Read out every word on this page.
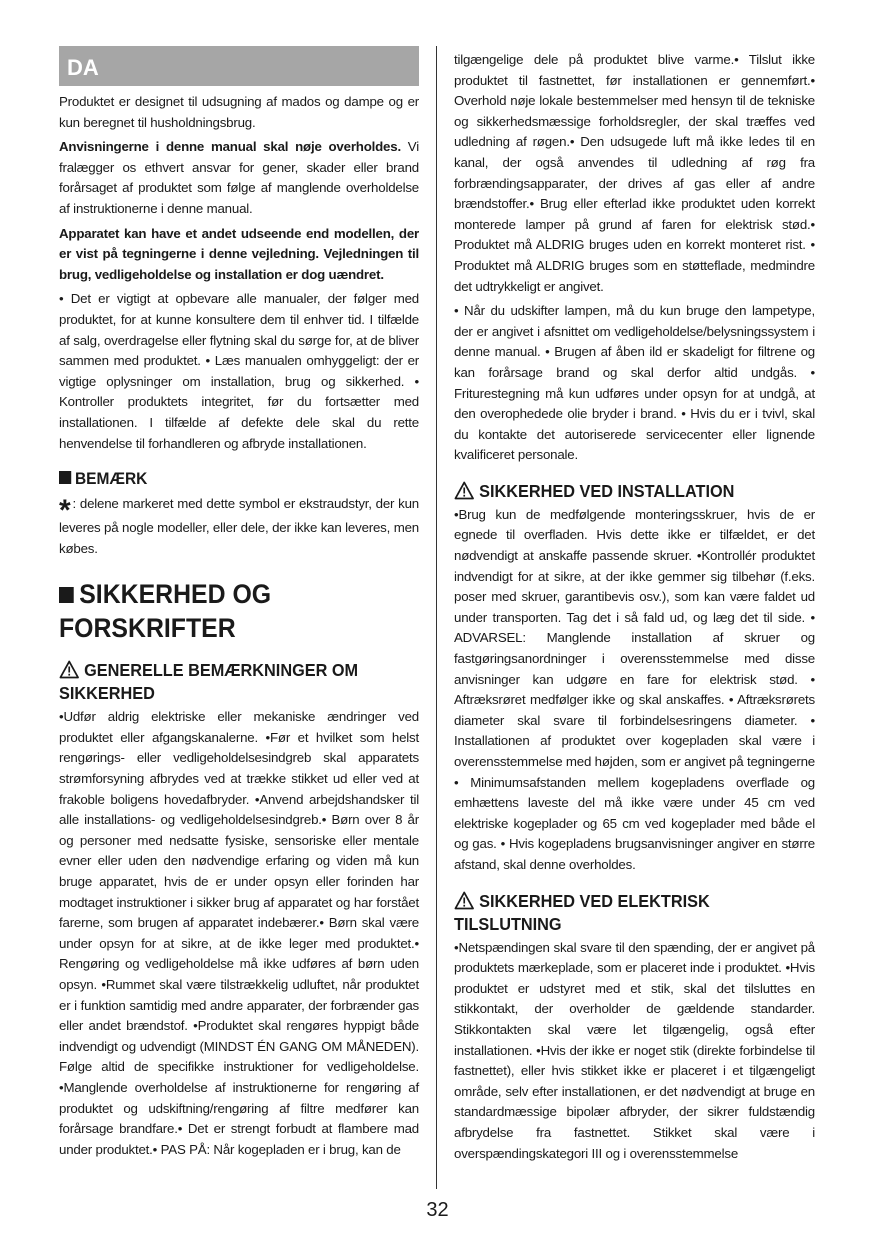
DA

Produktet er designet til udsugning af mados og dampe og er kun beregnet til husholdningsbrug.

Anvisningerne i denne manual skal nøje overholdes. Vi fralægger os ethvert ansvar for gener, skader eller brand forårsaget af produktet som følge af manglende overholdelse af instruktionerne i denne manual.

Apparatet kan have et andet udseende end modellen, der er vist på tegningerne i denne vejledning. Vejledningen til brug, vedligeholdelse og installation er dog uændret.

• Det er vigtigt at opbevare alle manualer, der følger med produktet, for at kunne konsultere dem til enhver tid. I tilfælde af salg, overdragelse eller flytning skal du sørge for, at de bliver sammen med produktet. • Læs manualen omhyggeligt: der er vigtige oplysninger om installation, brug og sikkerhed. • Kontroller produktets integritet, før du fortsætter med installationen. I tilfælde af defekte dele skal du rette henvendelse til forhandleren og afbryde installationen.

BEMÆRK

* : delene markeret med dette symbol er ekstraudstyr, der kun leveres på nogle modeller, eller dele, der ikke kan leveres, men købes.

SIKKERHED OG FORSKRIFTER
GENERELLE BEMÆRKNINGER OM SIKKERHED

•Udfør aldrig elektriske eller mekaniske ændringer ved produktet eller afgangskanalerne. •Før et hvilket som helst rengørings- eller vedligeholdelsesindgreb skal apparatets strømforsyning afbrydes ved at trække stikket ud eller ved at frakoble boligens hovedafbryder. •Anvend arbejdshandsker til alle installations- og vedligeholdelsesindgreb.• Børn over 8 år og personer med nedsatte fysiske, sensoriske eller mentale evner eller uden den nødvendige erfaring og viden må kun bruge apparatet, hvis de er under opsyn eller forinden har modtaget instruktioner i sikker brug af apparatet og har forstået farerne, som brugen af apparatet indebærer.• Børn skal være under opsyn for at sikre, at de ikke leger med produktet.• Rengøring og vedligeholdelse må ikke udføres af børn uden opsyn. •Rummet skal være tilstrækkelig udluftet, når produktet er i funktion samtidig med andre apparater, der forbrænder gas eller andet brændstof. •Produktet skal rengøres hyppigt både indvendigt og udvendigt (MINDST ÉN GANG OM MÅNEDEN). Følge altid de specifikke instruktioner for vedligeholdelse. •Manglende overholdelse af instruktionerne for rengøring af produktet og udskiftning/rengøring af filtre medfører kan forårsage brandfare.• Det er strengt forbudt at flambere mad under produktet.• PAS PÅ: Når kogepladen er i brug, kan de

tilgængelige dele på produktet blive varme.• Tilslut ikke produktet til fastnettet, før installationen er gennemført.• Overhold nøje lokale bestemmelser med hensyn til de tekniske og sikkerhedsmæssige forholdsregler, der skal træffes ved udledning af røgen.• Den udsugede luft må ikke ledes til en kanal, der også anvendes til udledning af røg fra forbrændingsapparater, der drives af gas eller af andre brændstoffer.• Brug eller efterlad ikke produktet uden korrekt monterede lamper på grund af faren for elektrisk stød.• Produktet må ALDRIG bruges uden en korrekt monteret rist. • Produktet må ALDRIG bruges som en støtteflade, medmindre det udtrykkeligt er angivet.

• Når du udskifter lampen, må du kun bruge den lampetype, der er angivet i afsnittet om vedligeholdelse/belysningssystem i denne manual. • Brugen af åben ild er skadeligt for filtrene og kan forårsage brand og skal derfor altid undgås. • Friturestegning må kun udføres under opsyn for at undgå, at den overophedede olie bryder i brand. • Hvis du er i tvivl, skal du kontakte det autoriserede servicecenter eller lignende kvalificeret personale.

SIKKERHED VED INSTALLATION

•Brug kun de medfølgende monteringsskruer, hvis de er egnede til overfladen. Hvis dette ikke er tilfældet, er det nødvendigt at anskaffe passende skruer. •Kontrollér produktet indvendigt for at sikre, at der ikke gemmer sig tilbehør (f.eks. poser med skruer, garantibevis osv.), som kan være faldet ud under transporten. Tag det i så fald ud, og læg det til side. • ADVARSEL: Manglende installation af skruer og fastgøringsanordninger i overensstemmelse med disse anvisninger kan udgøre en fare for elektrisk stød. • Aftræksrøret medfølger ikke og skal anskaffes. • Aftræksrørets diameter skal svare til forbindelsesringens diameter. • Installationen af produktet over kogepladen skal være i overensstemmelse med højden, som er angivet på tegningerne • Minimumsafstanden mellem kogepladens overflade og emhættens laveste del må ikke være under 45 cm ved elektriske kogeplader og 65 cm ved kogeplader med både el og gas. • Hvis kogepladens brugsanvisninger angiver en større afstand, skal denne overholdes.

SIKKERHED VED ELEKTRISK TILSLUTNING

•Netspændingen skal svare til den spænding, der er angivet på produktets mærkeplade, som er placeret inde i produktet. •Hvis produktet er udstyret med et stik, skal det tilsluttes en stikkontakt, der overholder de gældende standarder. Stikkontakten skal være let tilgængelig, også efter installationen. •Hvis der ikke er noget stik (direkte forbindelse til fastnettet), eller hvis stikket ikke er placeret i et tilgængeligt område, selv efter installationen, er det nødvendigt at bruge en standardmæssige bipolær afbryder, der sikrer fuldstændig afbrydelse fra fastnettet. Stikket skal være i overspændingskategori III og i overensstemmelse

32
